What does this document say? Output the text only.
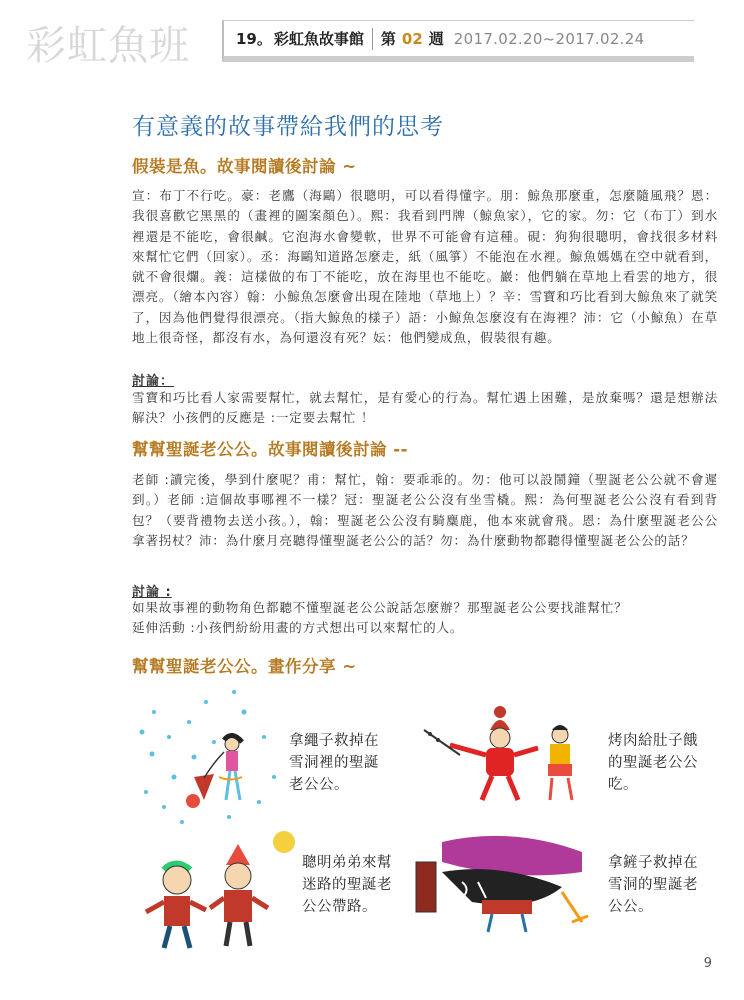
彩虹魚班	19。 彩虹魚故事館 第 02 週 2017.02.20~2017.02.24
有意義的故事帶給我們的思考
假裝是魚。故事閱讀後討論 ~
宣：布丁不行吃。豪：老鷹（海鷗）很聰明，可以看得懂字。朋：鯨魚那麼重，怎麼隨風飛？恩：我很喜歡它黑黑的（畫裡的圖案顏色）。熙：我看到門牌（鯨魚家），它的家。勿：它（布丁）到水裡還是不能吃，會很鹹。它泡海水會變軟，世界不可能會有這種。硯：狗狗很聰明，會找很多材料來幫忙它們（回家）。丞：海鷗知道路怎麼走，紙（風箏）不能泡在水裡。鯨魚媽媽在空中就看到，就不會很爛。義：這樣做的布丁不能吃，放在海里也不能吃。巖：他們躺在草地上看雲的地方，很漂亮。（繪本內容）翰：小鯨魚怎麼會出現在陸地（草地上）？辛：雪寶和巧比看到大鯨魚來了就笑了，因為他們覺得很漂亮。（指大鯨魚的樣子）語：小鯨魚怎麼沒有在海裡？沛：它（小鯨魚）在草地上很奇怪，都沒有水，為何還沒有死？妘：他們變成魚，假裝很有趣。
討論：
雪寶和巧比看人家需要幫忙，就去幫忙，是有愛心的行為。幫忙遇上困難，是放棄嗎？還是想辦法解決？小孩們的反應是 :一定要去幫忙 ！
幫幫聖誕老公公。故事閱讀後討論 --
老師 :讀完後，學到什麼呢？甫：幫忙，翰：要乖乖的。勿：他可以設鬧鐘（聖誕老公公就不會遲到。）老師 :這個故事哪裡不一樣？冠：聖誕老公公沒有坐雪橇。熙：為何聖誕老公公沒有看到背包？（要背禮物去送小孩。），翰：聖誕老公公沒有騎麋鹿，他本來就會飛。恩：為什麼聖誕老公公拿著拐杖？沛：為什麼月亮聽得懂聖誕老公公的話？勿：為什麼動物都聽得懂聖誕老公公的話？
討論 :
如果故事裡的動物角色都聽不懂聖誕老公公說話怎麼辦？那聖誕老公公要找誰幫忙？
延伸活動 :小孩們紛紛用畫的方式想出可以來幫忙的人。
幫幫聖誕老公公。畫作分享 ~
拿繩子救掉在雪洞裡的聖誕老公公。
烤肉給肚子餓的聖誕老公公吃。
聰明弟弟來幫迷路的聖誕老公公帶路。
拿鏟子救掉在雪洞的聖誕老公公。
9
